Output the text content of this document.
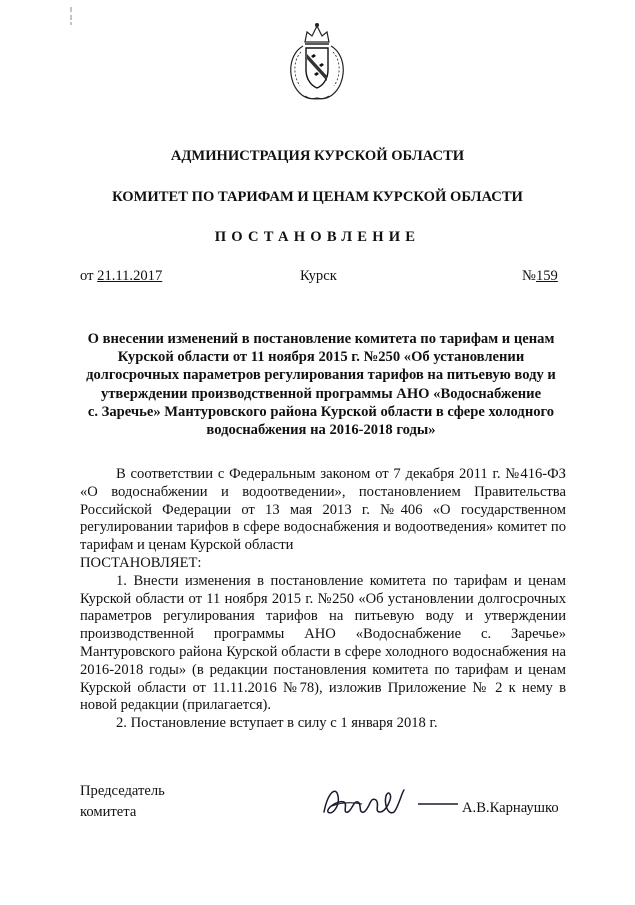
АДМИНИСТРАЦИЯ КУРСКОЙ ОБЛАСТИ
КОМИТЕТ ПО ТАРИФАМ И ЦЕНАМ КУРСКОЙ ОБЛАСТИ
ПОСТАНОВЛЕНИЕ
от 21.11.2017	Курск	№159
О внесении изменений в постановление комитета по тарифам и ценам
Курской области от 11 ноября 2015 г. №250 «Об установлении
долгосрочных параметров регулирования тарифов на питьевую воду и
утверждении производственной программы АНО «Водоснабжение
с. Заречье» Мантуровского района Курской области в сфере холодного
водоснабжения на 2016-2018 годы»

В соответствии с Федеральным законом от 7 декабря 2011 г. №416-ФЗ «О водоснабжении и водоотведении», постановлением Правительства Российской Федерации от 13 мая 2013 г. №406 «О государственном регулировании тарифов в сфере водоснабжения и водоотведения» комитет по тарифам и ценам Курской области

ПОСТАНОВЛЯЕТ:

1. Внести изменения в постановление комитета по тарифам и ценам Курской области от 11 ноября 2015 г. №250 «Об установлении долгосрочных параметров регулирования тарифов на питьевую воду и утверждении производственной программы АНО «Водоснабжение с. Заречье» Мантуровского района Курской области в сфере холодного водоснабжения на 2016-2018 годы» (в редакции постановления комитета по тарифам и ценам Курской области от 11.11.2016 №78), изложив Приложение № 2 к нему в новой редакции (прилагается).

2. Постановление вступает в силу с 1 января 2018 г.

Председатель
комитета	А.В.Карнаушко
